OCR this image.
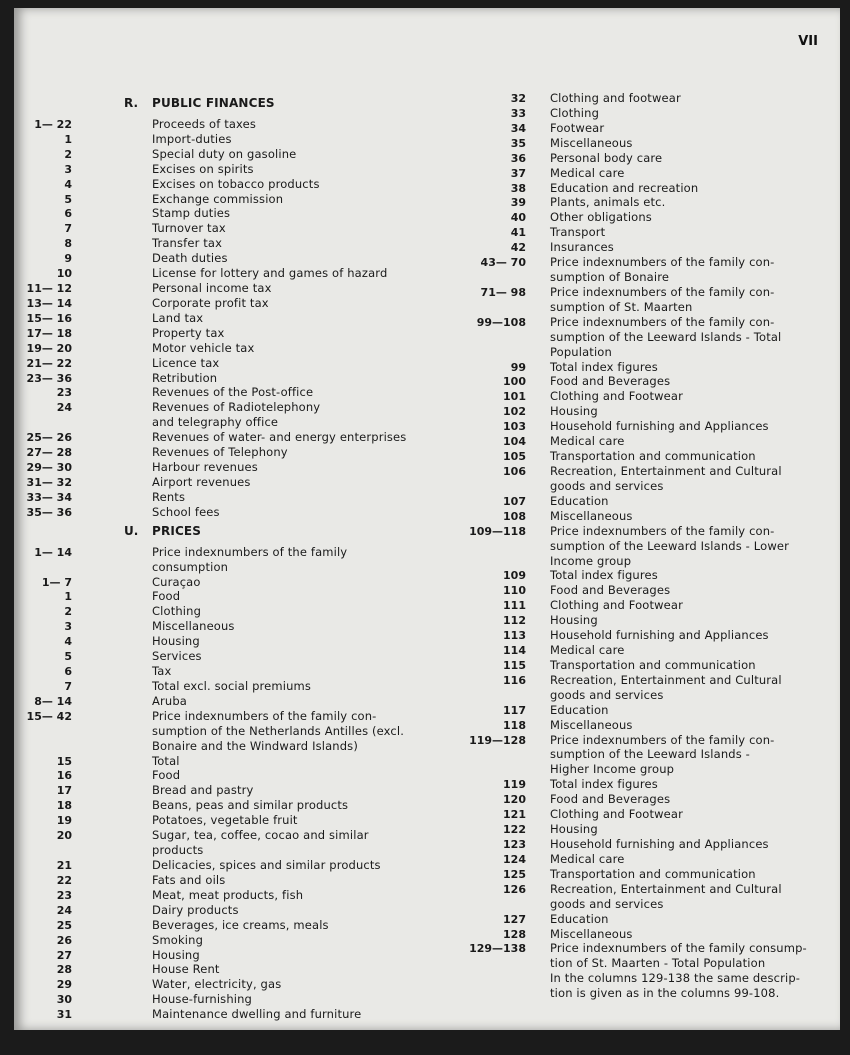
VII
R. PUBLIC FINANCES
1— 22	Proceeds of taxes
1	Import-duties
2	Special duty on gasoline
3	Excises on spirits
4	Excises on tobacco products
5	Exchange commission
6	Stamp duties
7	Turnover tax
8	Transfer tax
9	Death duties
10	License for lottery and games of hazard
11— 12	Personal income tax
13— 14	Corporate profit tax
15— 16	Land tax
17— 18	Property tax
19— 20	Motor vehicle tax
21— 22	Licence tax
23— 36	Retribution
23	Revenues of the Post-office
24	Revenues of Radiotelephony
and telegraphy office
25— 26	Revenues of water- and energy enterprises
27— 28	Revenues of Telephony
29— 30	Harbour revenues
31— 32	Airport revenues
33— 34	Rents
35— 36	School fees
U. PRICES
1— 14	Price indexnumbers of the family
consumption
1— 7	Curaçao
1	Food
2	Clothing
3	Miscellaneous
4	Housing
5	Services
6	Tax
7	Total excl. social premiums
8— 14	Aruba
15— 42	Price indexnumbers of the family con-
sumption of the Netherlands Antilles (excl.
Bonaire and the Windward Islands)
15	Total
16	Food
17	Bread and pastry
18	Beans, peas and similar products
19	Potatoes, vegetable fruit
20	Sugar, tea, coffee, cocao and similar
products
21	Delicacies, spices and similar products
22	Fats and oils
23	Meat, meat products, fish
24	Dairy products
25	Beverages, ice creams, meals
26	Smoking
27	Housing
28	House Rent
29	Water, electricity, gas
30	House-furnishing
31	Maintenance dwelling and furniture
32 Clothing and footwear
33 Clothing
34 Footwear
35 Miscellaneous
36 Personal body care
37 Medical care
38 Education and recreation
39 Plants, animals etc.
40 Other obligations
41 Transport
42 Insurances
43— 70 Price indexnumbers of the family con-
sumption of Bonaire
71— 98 Price indexnumbers of the family con-
sumption of St. Maarten
99—108 Price indexnumbers of the family con-
sumption of the Leeward Islands - Total
Population
99 Total index figures
100 Food and Beverages
101 Clothing and Footwear
102 Housing
103 Household furnishing and Appliances
104 Medical care
105 Transportation and communication
106 Recreation, Entertainment and Cultural
goods and services
107 Education
108 Miscellaneous
109—118 Price indexnumbers of the family con-
sumption of the Leeward Islands - Lower
Income group
109 Total index figures
110 Food and Beverages
111 Clothing and Footwear
112 Housing
113 Household furnishing and Appliances
114 Medical care
115 Transportation and communication
116 Recreation, Entertainment and Cultural
goods and services
117 Education
118 Miscellaneous
119—128 Price indexnumbers of the family con-
sumption of the Leeward Islands -
Higher Income group
119 Total index figures
120 Food and Beverages
121 Clothing and Footwear
122 Housing
123 Household furnishing and Appliances
124 Medical care
125 Transportation and communication
126 Recreation, Entertainment and Cultural
goods and services
127 Education
128 Miscellaneous
129—138 Price indexnumbers of the family consump-
tion of St. Maarten - Total Population
In the columns 129-138 the same descrip-
tion is given as in the columns 99-108.
